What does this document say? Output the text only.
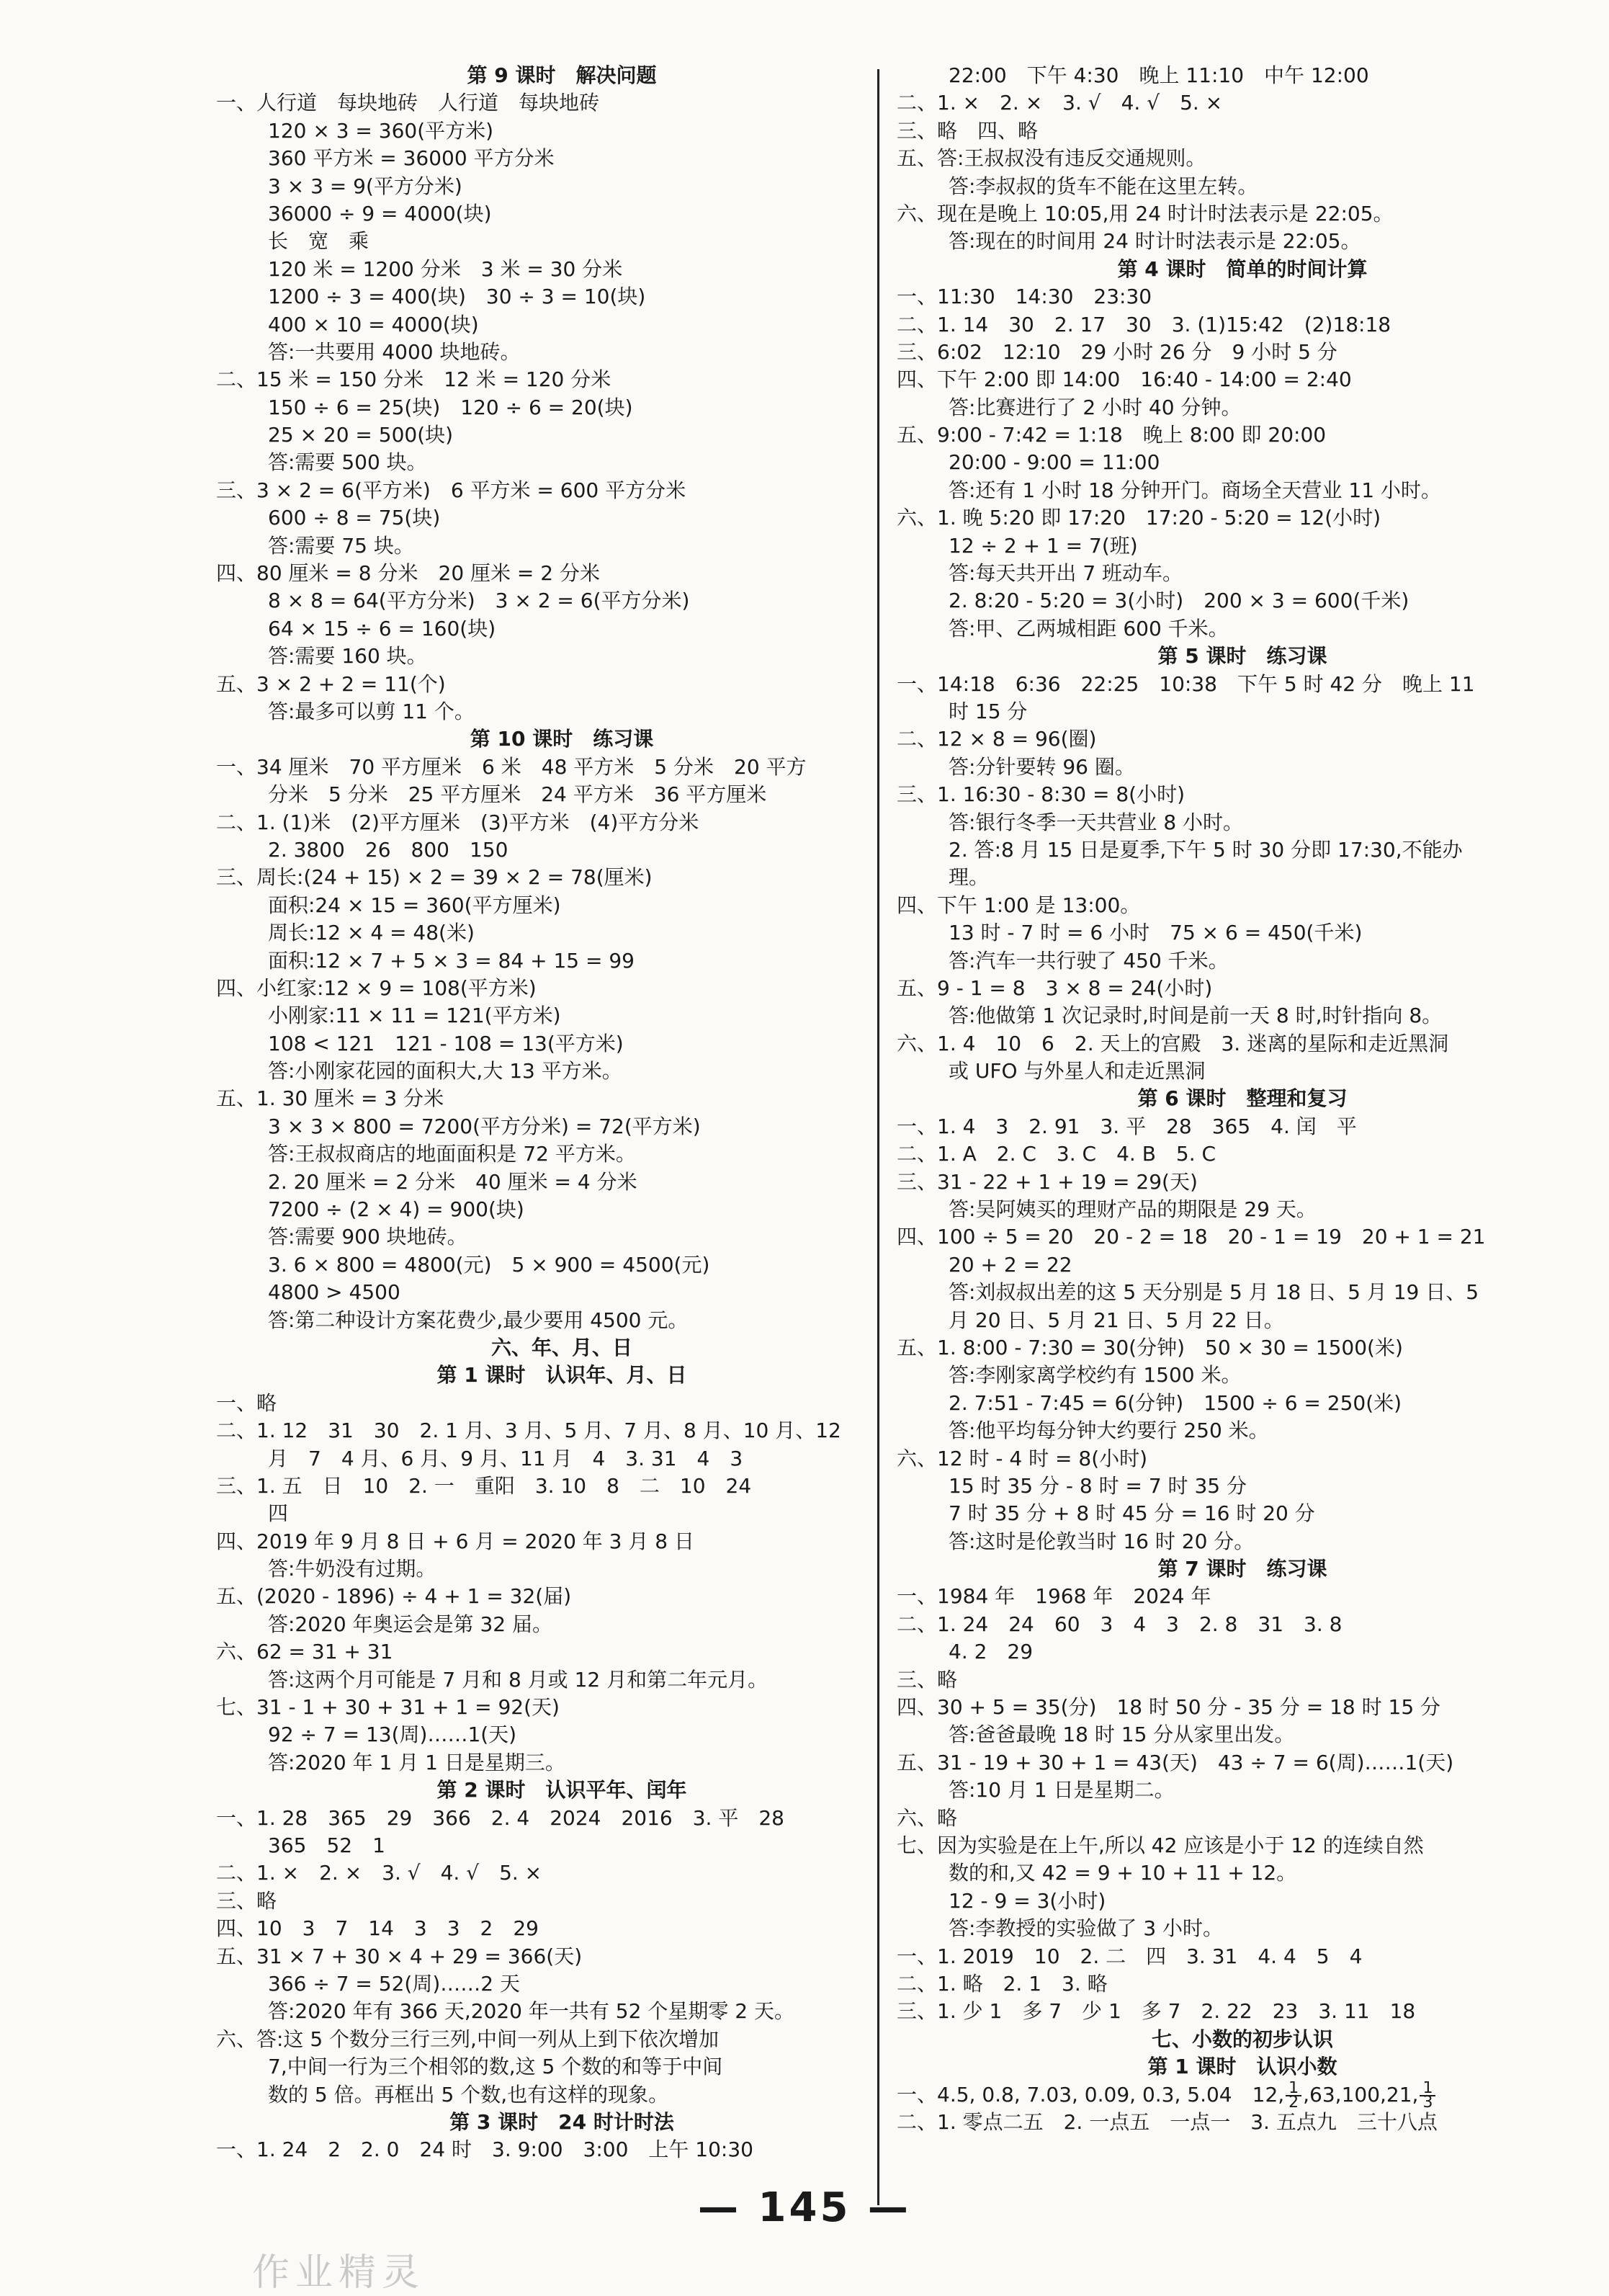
第 9 课时　解决问题
一、人行道　每块地砖　人行道　每块地砖
120 × 3 = 360(平方米)
360 平方米 = 36000 平方分米
3 × 3 = 9(平方分米)
36000 ÷ 9 = 4000(块)
长　宽　乘
120 米 = 1200 分米　3 米 = 30 分米
1200 ÷ 3 = 400(块)　30 ÷ 3 = 10(块)
400 × 10 = 4000(块)
答:一共要用 4000 块地砖。
二、15 米 = 150 分米　12 米 = 120 分米
150 ÷ 6 = 25(块)　120 ÷ 6 = 20(块)
25 × 20 = 500(块)
答:需要 500 块。
三、3 × 2 = 6(平方米)　6 平方米 = 600 平方分米
600 ÷ 8 = 75(块)
答:需要 75 块。
四、80 厘米 = 8 分米　20 厘米 = 2 分米
8 × 8 = 64(平方分米)　3 × 2 = 6(平方分米)
64 × 15 ÷ 6 = 160(块)
答:需要 160 块。
五、3 × 2 + 2 = 11(个)
答:最多可以剪 11 个。
第 10 课时　练习课
一、34 厘米　70 平方厘米　6 米　48 平方米　5 分米　20 平方
分米　5 分米　25 平方厘米　24 平方米　36 平方厘米
二、1. (1)米　(2)平方厘米　(3)平方米　(4)平方分米
2. 3800　26　800　150
三、周长:(24 + 15) × 2 = 39 × 2 = 78(厘米)
面积:24 × 15 = 360(平方厘米)
周长:12 × 4 = 48(米)
面积:12 × 7 + 5 × 3 = 84 + 15 = 99
四、小红家:12 × 9 = 108(平方米)
小刚家:11 × 11 = 121(平方米)
108 < 121　121 - 108 = 13(平方米)
答:小刚家花园的面积大,大 13 平方米。
五、1. 30 厘米 = 3 分米
3 × 3 × 800 = 7200(平方分米) = 72(平方米)
答:王叔叔商店的地面面积是 72 平方米。
2. 20 厘米 = 2 分米　40 厘米 = 4 分米
7200 ÷ (2 × 4) = 900(块)
答:需要 900 块地砖。
3. 6 × 800 = 4800(元)　5 × 900 = 4500(元)
4800 > 4500
答:第二种设计方案花费少,最少要用 4500 元。
六、年、月、日
第 1 课时　认识年、月、日
一、略
二、1. 12　31　30　2. 1 月、3 月、5 月、7 月、8 月、10 月、12
月　7　4 月、6 月、9 月、11 月　4　3. 31　4　3
三、1. 五　日　10　2. 一　重阳　3. 10　8　二　10　24
四
四、2019 年 9 月 8 日 + 6 月 = 2020 年 3 月 8 日
答:牛奶没有过期。
五、(2020 - 1896) ÷ 4 + 1 = 32(届)
答:2020 年奥运会是第 32 届。
六、62 = 31 + 31
答:这两个月可能是 7 月和 8 月或 12 月和第二年元月。
七、31 - 1 + 30 + 31 + 1 = 92(天)
92 ÷ 7 = 13(周)……1(天)
答:2020 年 1 月 1 日是星期三。
第 2 课时　认识平年、闰年
一、1. 28　365　29　366　2. 4　2024　2016　3. 平　28
365　52　1
二、1. ×　2. ×　3. √　4. √　5. ×
三、略
四、10　3　7　14　3　3　2　29
五、31 × 7 + 30 × 4 + 29 = 366(天)
366 ÷ 7 = 52(周)……2 天
答:2020 年有 366 天,2020 年一共有 52 个星期零 2 天。
六、答:这 5 个数分三行三列,中间一列从上到下依次增加
7,中间一行为三个相邻的数,这 5 个数的和等于中间
数的 5 倍。再框出 5 个数,也有这样的现象。
第 3 课时　24 时计时法
一、1. 24　2　2. 0　24 时　3. 9:00　3:00　上午 10:30
22:00　下午 4:30　晚上 11:10　中午 12:00
二、1. ×　2. ×　3. √　4. √　5. ×
三、略　四、略
五、答:王叔叔没有违反交通规则。
答:李叔叔的货车不能在这里左转。
六、现在是晚上 10:05,用 24 时计时法表示是 22:05。
答:现在的时间用 24 时计时法表示是 22:05。
第 4 课时　简单的时间计算
一、11:30　14:30　23:30
二、1. 14　30　2. 17　30　3. (1)15:42　(2)18:18
三、6:02　12:10　29 小时 26 分　9 小时 5 分
四、下午 2:00 即 14:00　16:40 - 14:00 = 2:40
答:比赛进行了 2 小时 40 分钟。
五、9:00 - 7:42 = 1:18　晚上 8:00 即 20:00
20:00 - 9:00 = 11:00
答:还有 1 小时 18 分钟开门。商场全天营业 11 小时。
六、1. 晚 5:20 即 17:20　17:20 - 5:20 = 12(小时)
12 ÷ 2 + 1 = 7(班)
答:每天共开出 7 班动车。
2. 8:20 - 5:20 = 3(小时)　200 × 3 = 600(千米)
答:甲、乙两城相距 600 千米。
第 5 课时　练习课
一、14:18　6:36　22:25　10:38　下午 5 时 42 分　晚上 11
时 15 分
二、12 × 8 = 96(圈)
答:分针要转 96 圈。
三、1. 16:30 - 8:30 = 8(小时)
答:银行冬季一天共营业 8 小时。
2. 答:8 月 15 日是夏季,下午 5 时 30 分即 17:30,不能办
理。
四、下午 1:00 是 13:00。
13 时 - 7 时 = 6 小时　75 × 6 = 450(千米)
答:汽车一共行驶了 450 千米。
五、9 - 1 = 8　3 × 8 = 24(小时)
答:他做第 1 次记录时,时间是前一天 8 时,时针指向 8。
六、1. 4　10　6　2. 天上的宫殿　3. 迷离的星际和走近黑洞
或 UFO 与外星人和走近黑洞
第 6 课时　整理和复习
一、1. 4　3　2. 91　3. 平　28　365　4. 闰　平
二、1. A　2. C　3. C　4. B　5. C
三、31 - 22 + 1 + 19 = 29(天)
答:吴阿姨买的理财产品的期限是 29 天。
四、100 ÷ 5 = 20　20 - 2 = 18　20 - 1 = 19　20 + 1 = 21
20 + 2 = 22
答:刘叔叔出差的这 5 天分别是 5 月 18 日、5 月 19 日、5
月 20 日、5 月 21 日、5 月 22 日。
五、1. 8:00 - 7:30 = 30(分钟)　50 × 30 = 1500(米)
答:李刚家离学校约有 1500 米。
2. 7:51 - 7:45 = 6(分钟)　1500 ÷ 6 = 250(米)
答:他平均每分钟大约要行 250 米。
六、12 时 - 4 时 = 8(小时)
15 时 35 分 - 8 时 = 7 时 35 分
7 时 35 分 + 8 时 45 分 = 16 时 20 分
答:这时是伦敦当时 16 时 20 分。
第 7 课时　练习课
一、1984 年　1968 年　2024 年
二、1. 24　24　60　3　4　3　2. 8　31　3. 8
4. 2　29
三、略
四、30 + 5 = 35(分)　18 时 50 分 - 35 分 = 18 时 15 分
答:爸爸最晚 18 时 15 分从家里出发。
五、31 - 19 + 30 + 1 = 43(天)　43 ÷ 7 = 6(周)……1(天)
答:10 月 1 日是星期二。
六、略
七、因为实验是在上午,所以 42 应该是小于 12 的连续自然
数的和,又 42 = 9 + 10 + 11 + 12。
12 - 9 = 3(小时)
答:李教授的实验做了 3 小时。
一、1. 2019　10　2. 二　四　3. 31　4. 4　5　4
二、1. 略　2. 1　3. 略
三、1. 少 1　多 7　少 1　多 7　2. 22　23　3. 11　18
七、小数的初步认识
第 1 课时　认识小数
一、4.5, 0.8, 7.03, 0.09, 0.3, 5.04　12, $\frac{1}{2} ,63,100,21$, $\frac{1}{3}$
二、1. 零点二五　2. 一点五　一点一　3. 五点九　三十八点
— 145 —
作业精灵
